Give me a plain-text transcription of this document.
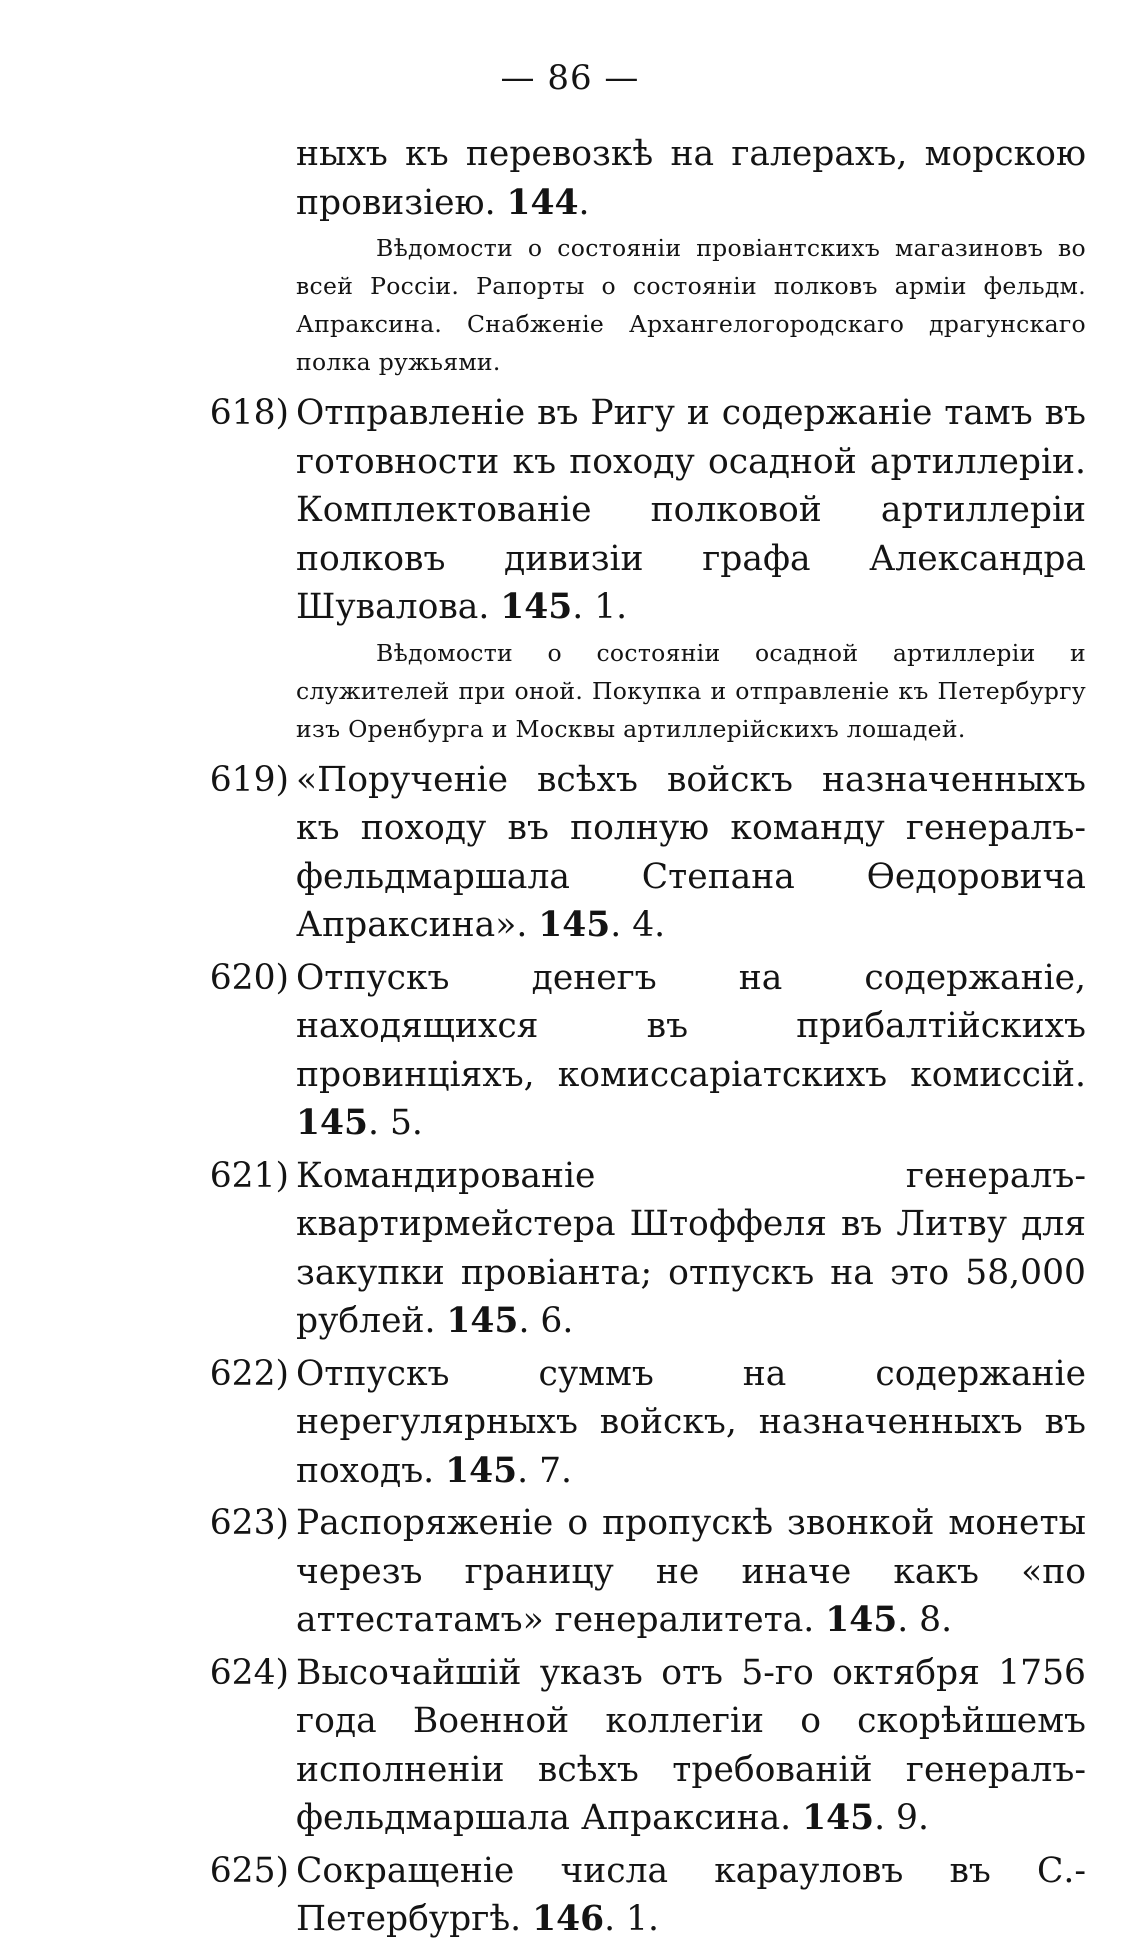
— 86 —

ныхъ къ перевозкѣ на галерахъ, морскою провизiею. 144.

Вѣдомости о состоянiи провiантскихъ магазиновъ во всей Россiи. Рапорты о состоянiи полковъ армiи фельдм. Апраксина. Снабженiе Архангелогородскаго драгунскаго полка ружьями.

618) Отправленiе въ Ригу и содержанiе тамъ въ готовности къ походу осадной артиллерiи. Комплектованiе полковой артиллерiи полковъ дивизiи графа Александра Шувалова. 145. 1.

Вѣдомости о состоянiи осадной артиллерiи и служителей при оной. Покупка и отправленiе къ Петербургу изъ Оренбурга и Москвы артиллерiйскихъ лошадей.

619) «Порученiе всѣхъ войскъ назначенныхъ къ походу въ полную команду генералъ-фельдмаршала Степана Өедоровича Апраксина». 145. 4.

620) Отпускъ денегъ на содержанiе, находящихся въ прибалтiйскихъ провинцiяхъ, комиссарiатскихъ комиссiй. 145. 5.

621) Командированiе генералъ-квартирмейстера Штоффеля въ Литву для закупки провiанта; отпускъ на это 58,000 рублей. 145. 6.

622) Отпускъ суммъ на содержанiе нерегулярныхъ войскъ, назначенныхъ въ походъ. 145. 7.

623) Распоряженiе о пропускѣ звонкой монеты черезъ границу не иначе какъ «по аттестатамъ» генералитета. 145. 8.

624) Высочайшiй указъ отъ 5-го октября 1756 года Военной коллегiи о скорѣйшемъ исполненiи всѣхъ требованiй генералъ-фельдмаршала Апраксина. 145. 9.

625) Сокращенiе числа карауловъ въ С.-Петербургѣ. 146. 1.
